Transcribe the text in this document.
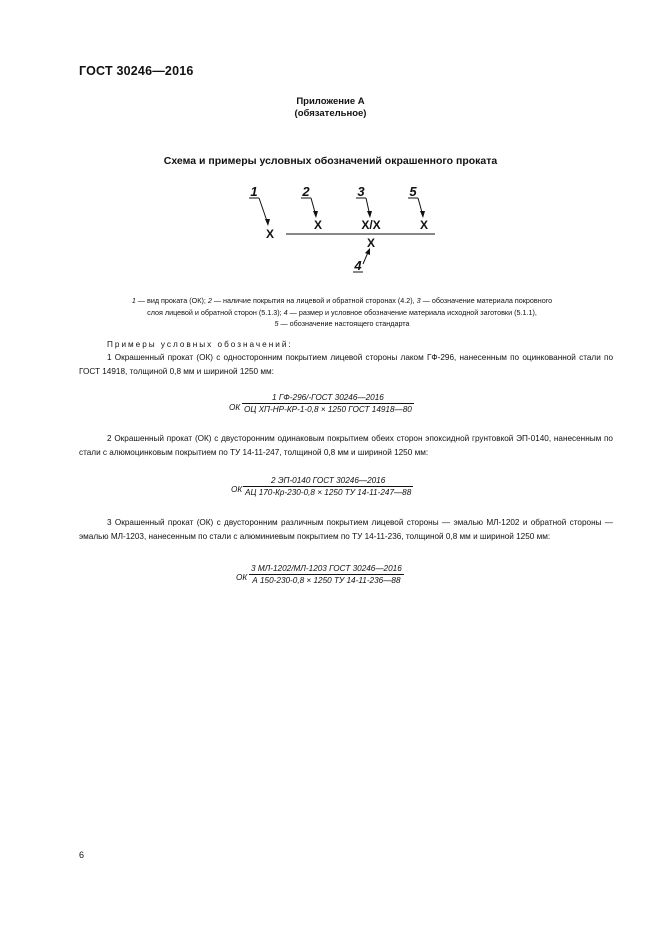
ГОСТ 30246—2016
Приложение А
(обязательное)
Схема и примеры условных обозначений окрашенного проката
1	2	3	5
4
X
X	X/X	X
X
1 — вид проката (ОК); 2 — наличие покрытия на лицевой и обратной сторонах (4.2), 3 — обозначение материала покровного
слоя лицевой и обратной сторон (5.1.3); 4 — размер и условное обозначение материала исходной заготовки (5.1.1),
5 — обозначение настоящего стандарта
Примеры условных обозначений:

1 Окрашенный прокат (ОК) с односторонним покрытием лицевой стороны лаком ГФ-296, нанесенным по оцинкованной стали по ГОСТ 14918, толщиной 0,8 мм и шириной 1250 мм:

ОК
1 ГФ-296/-ГОСТ 30246—2016
ОЦ ХП-НР-КР-1-0,8 × 1250 ГОСТ 14918—80

2 Окрашенный прокат (ОК) с двусторонним одинаковым покрытием обеих сторон эпоксидной грунтовкой ЭП-0140, нанесенным по стали с алюмоцинковым покрытием по ТУ 14-11-247, толщиной 0,8 мм и шириной 1250 мм:

ОК
2 ЭП-0140 ГОСТ 30246—2016
АЦ 170-Кр-230-0,8 × 1250 ТУ 14-11-247—88

3 Окрашенный прокат (ОК) с двусторонним различным покрытием лицевой стороны — эмалью МЛ-1202 и обратной стороны — эмалью МЛ-1203, нанесенным по стали с алюминиевым покрытием по ТУ 14-11-236, толщиной 0,8 мм и шириной 1250 мм:

ОК
3 МЛ-1202/МЛ-1203 ГОСТ 30246—2016
А 150-230-0,8 × 1250 ТУ 14-11-236—88
6
